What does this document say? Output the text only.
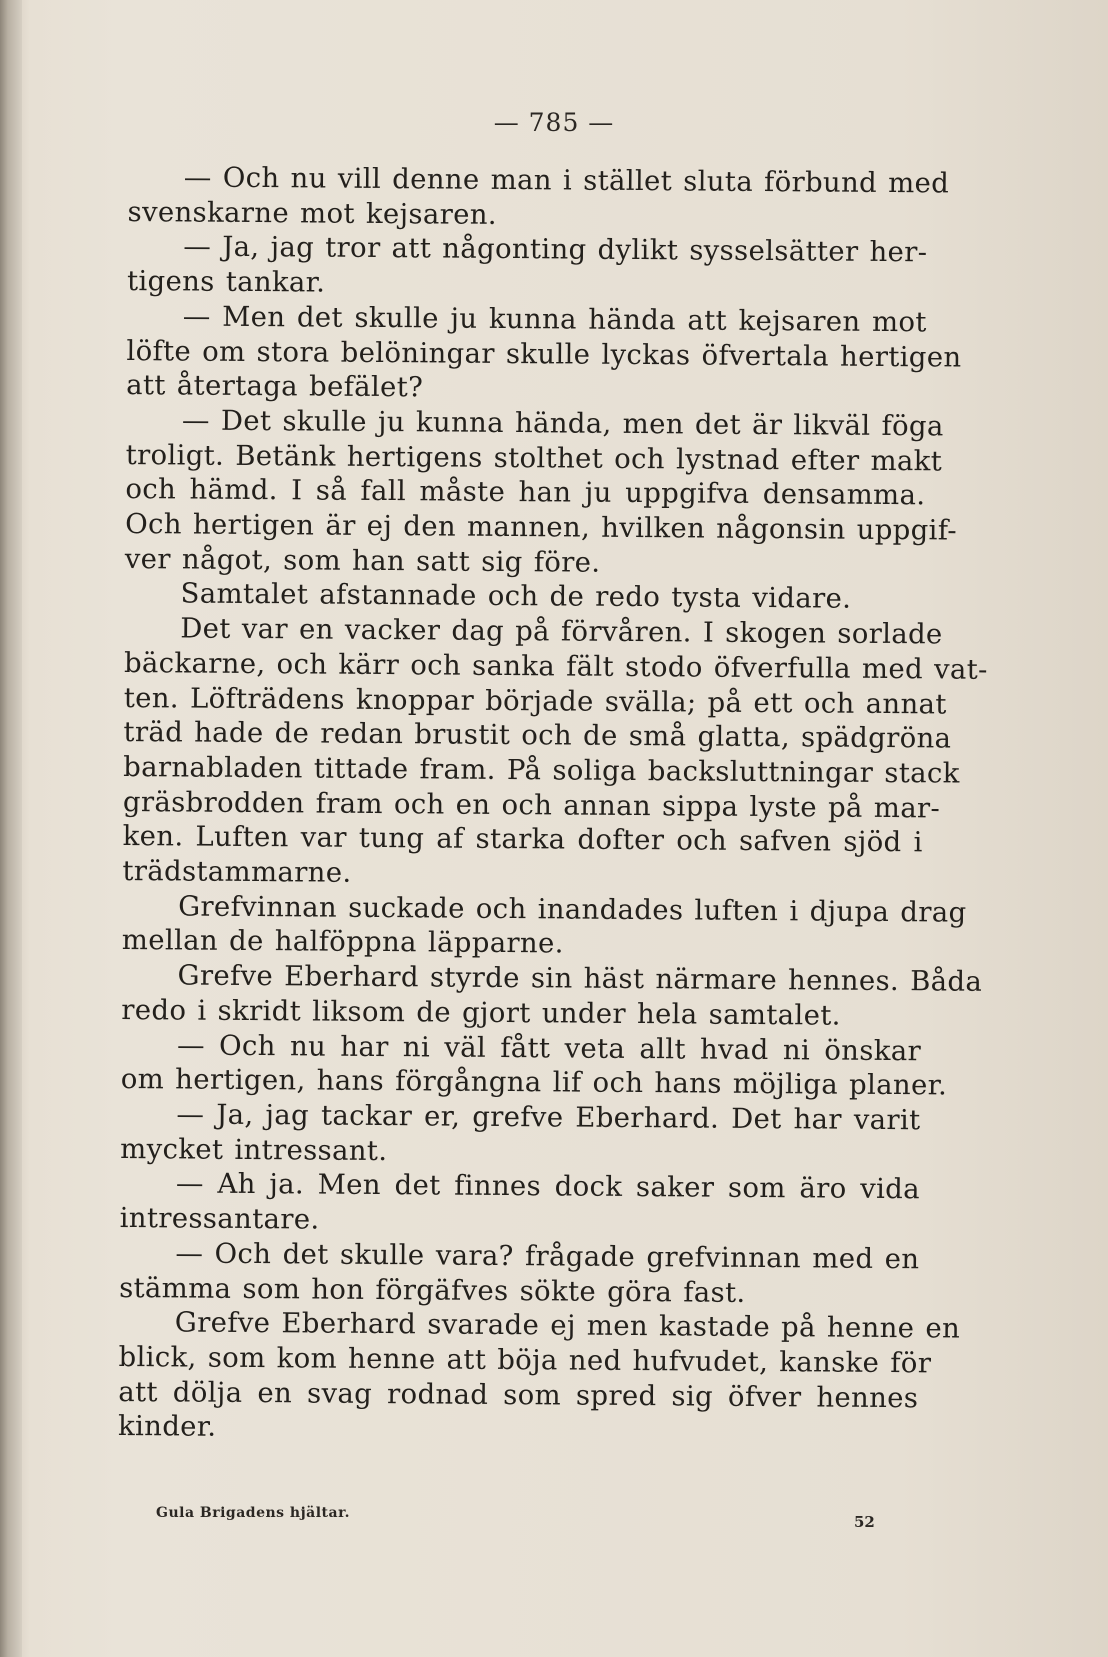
— 785 —
— Och nu vill denne man i stället sluta förbund med
svenskarne mot kejsaren.
— Ja, jag tror att någonting dylikt sysselsätter her-
tigens tankar.
— Men det skulle ju kunna hända att kejsaren mot
löfte om stora belöningar skulle lyckas öfvertala hertigen
att återtaga befälet?
— Det skulle ju kunna hända, men det är likväl föga
troligt. Betänk hertigens stolthet och lystnad efter makt
och hämd. I så fall måste han ju uppgifva densamma.
Och hertigen är ej den mannen, hvilken någonsin uppgif-
ver något, som han satt sig före.
Samtalet afstannade och de redo tysta vidare.
Det var en vacker dag på förvåren. I skogen sorlade
bäckarne, och kärr och sanka fält stodo öfverfulla med vat-
ten. Löfträdens knoppar började svälla; på ett och annat
träd hade de redan brustit och de små glatta, spädgröna
barnabladen tittade fram. På soliga backsluttningar stack
gräsbrodden fram och en och annan sippa lyste på mar-
ken. Luften var tung af starka dofter och safven sjöd i
trädstammarne.
Grefvinnan suckade och inandades luften i djupa drag
mellan de halföppna läpparne.
Grefve Eberhard styrde sin häst närmare hennes. Båda
redo i skridt liksom de gjort under hela samtalet.
— Och nu har ni väl fått veta allt hvad ni önskar
om hertigen, hans förgångna lif och hans möjliga planer.
— Ja, jag tackar er, grefve Eberhard. Det har varit
mycket intressant.
— Ah ja. Men det finnes dock saker som äro vida
intressantare.
— Och det skulle vara? frågade grefvinnan med en
stämma som hon förgäfves sökte göra fast.
Grefve Eberhard svarade ej men kastade på henne en
blick, som kom henne att böja ned hufvudet, kanske för
att dölja en svag rodnad som spred sig öfver hennes
kinder.
Gula Brigadens hjältar.	52
